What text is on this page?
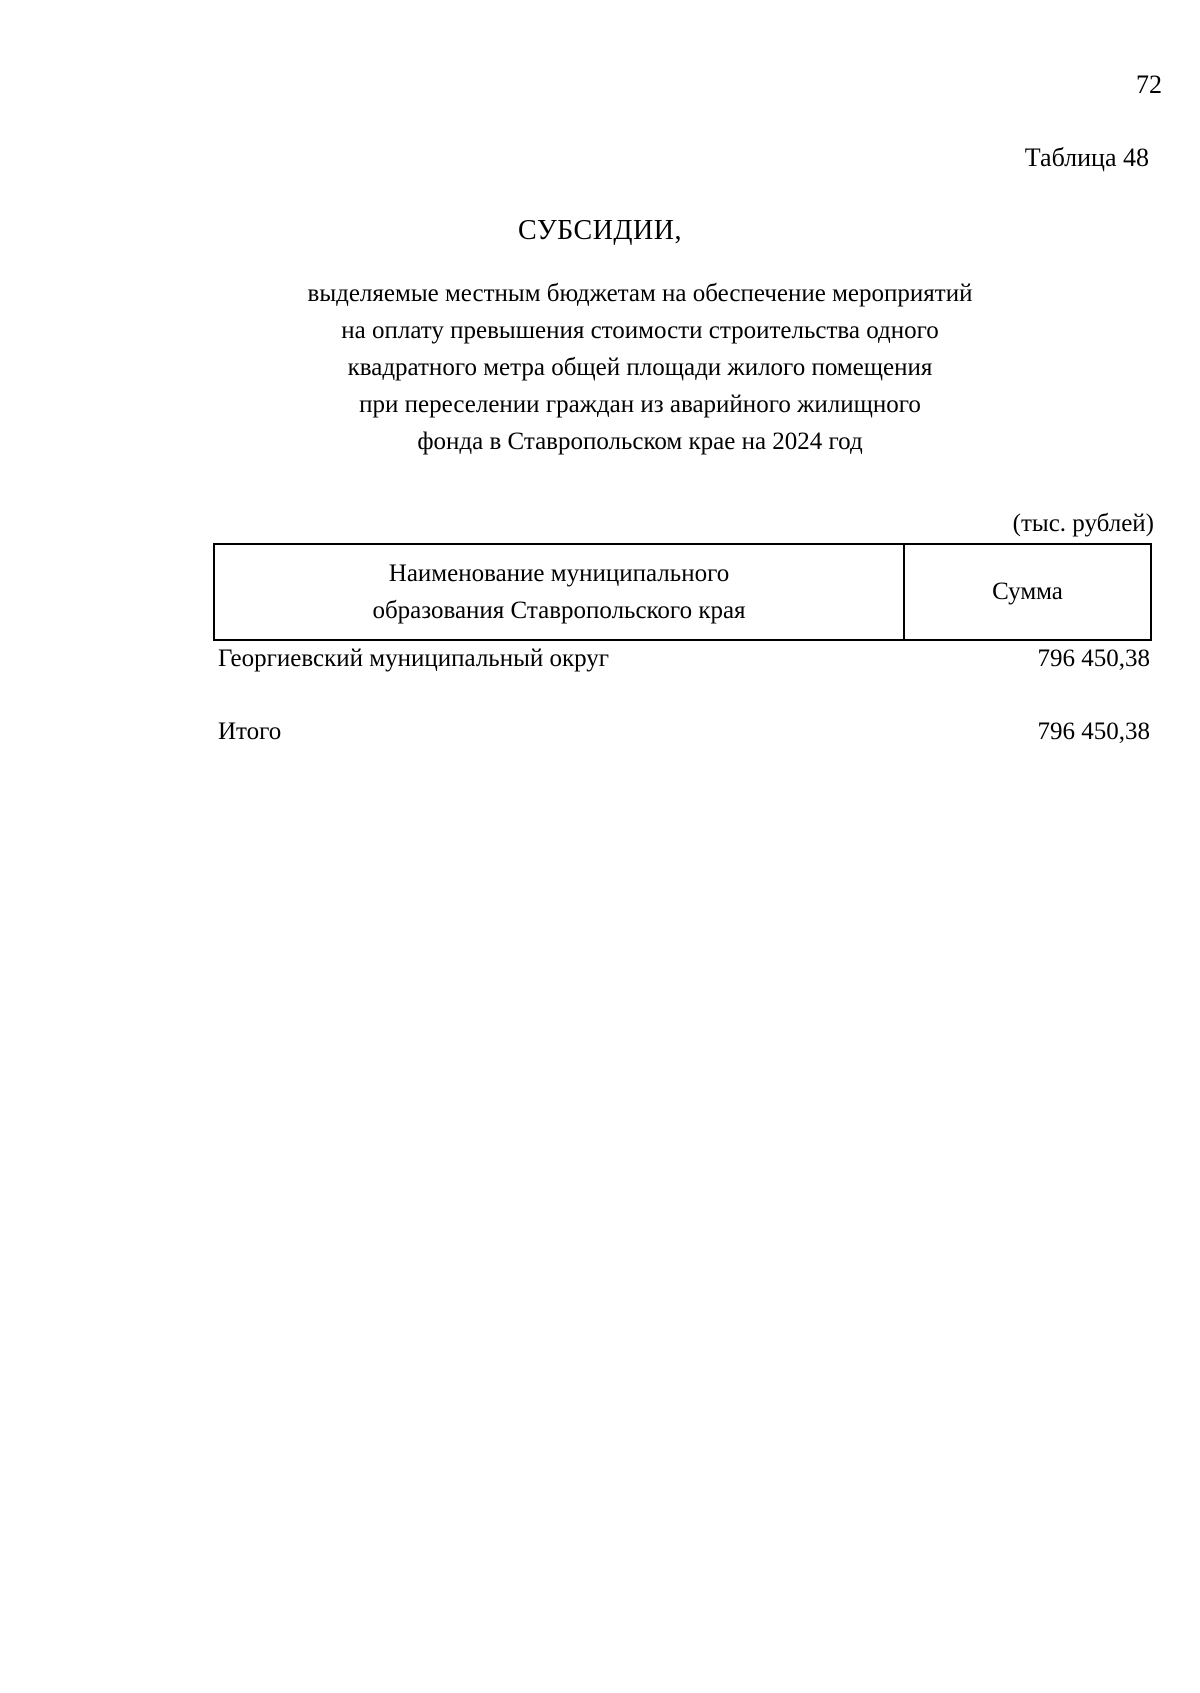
72
Таблица 48
СУБСИДИИ,
выделяемые местным бюджетам на обеспечение мероприятий
на оплату превышения стоимости строительства одного
квадратного метра общей площади жилого помещения
при переселении граждан из аварийного жилищного
фонда в Ставропольском крае на 2024 год
(тыс. рублей)
Наименование муниципального
образования Ставропольского края
	Сумма
Георгиевский муниципальный округ	796 450,38
Итого	796 450,38
